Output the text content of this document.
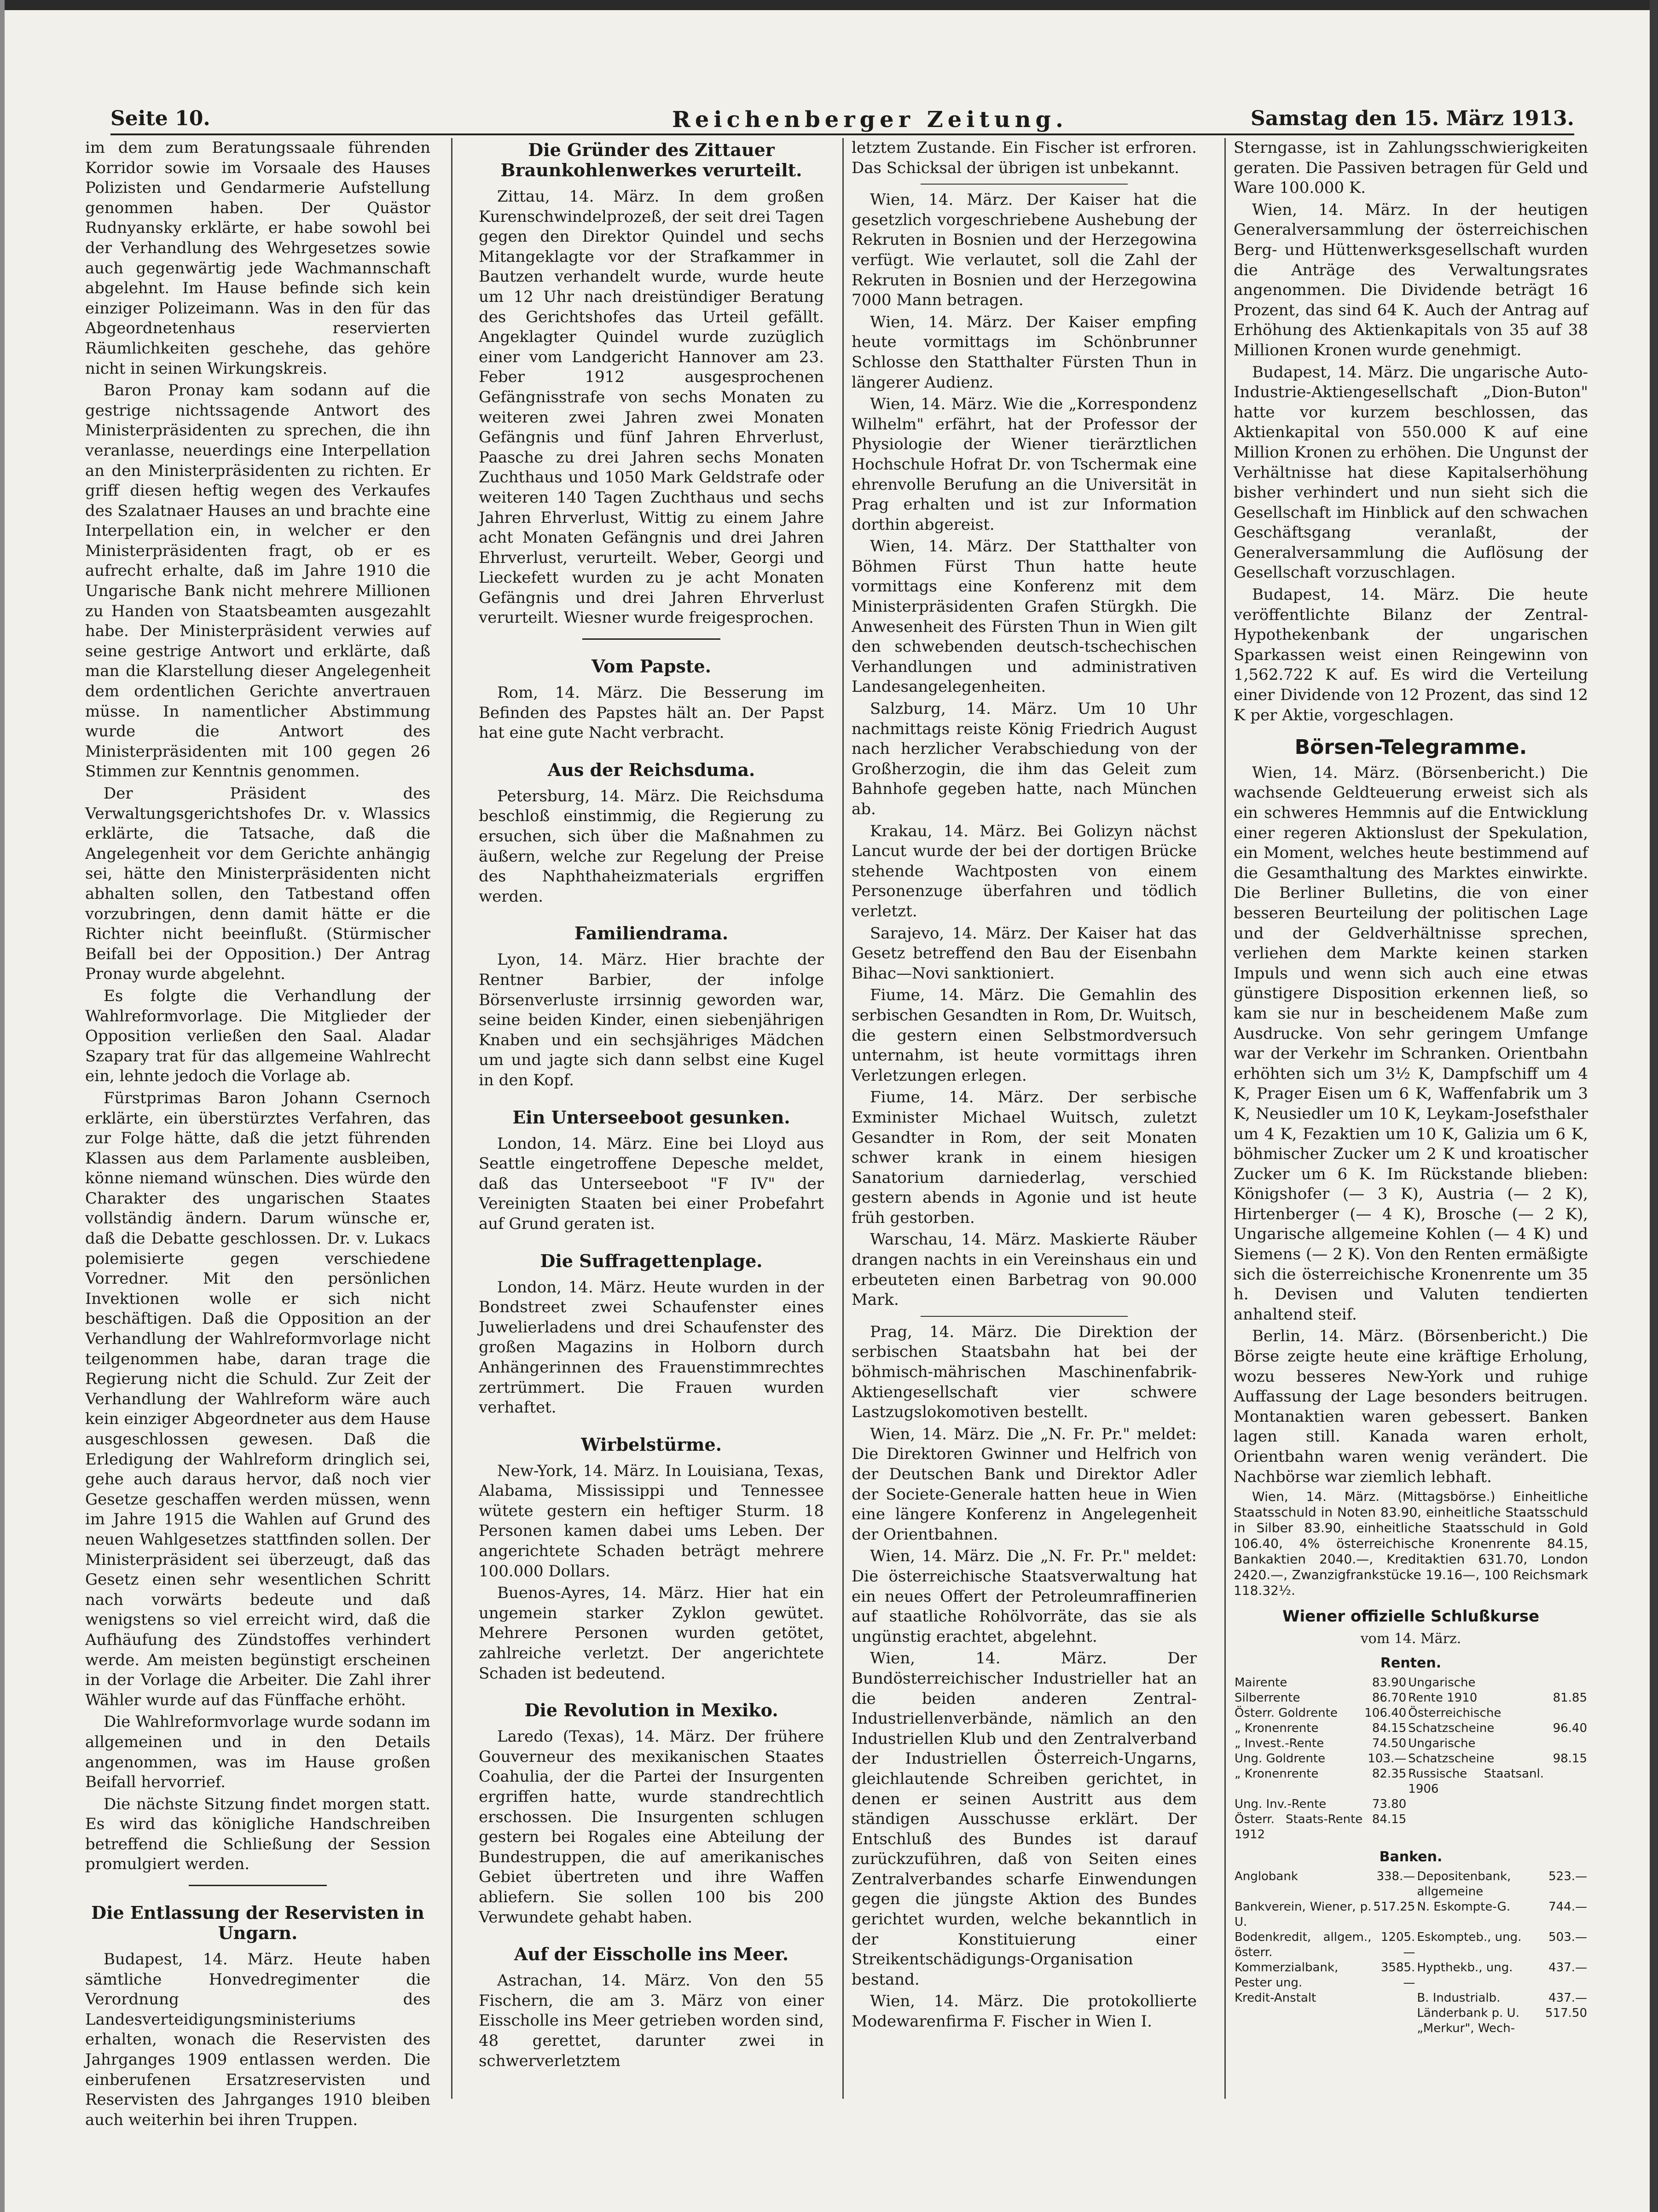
Seite 10.	Reichenberger Zeitung.	Samstag den 15. März 1913.

im dem zum Beratungssaale führenden Korridor sowie im Vorsaale des Hauses Polizisten und Gendarmerie Aufstellung genommen haben. Der Quästor Rudnyansky erklärte, er habe sowohl bei der Verhandlung des Wehrgesetzes sowie auch gegenwärtig jede Wachmannschaft abgelehnt. Im Hause befinde sich kein einziger Polizeimann. Was in den für das Abgeordnetenhaus reservierten Räumlichkeiten geschehe, das gehöre nicht in seinen Wirkungskreis.

Baron Pronay kam sodann auf die gestrige nichtssagende Antwort des Ministerpräsidenten zu sprechen, die ihn veranlasse, neuerdings eine Interpellation an den Ministerpräsidenten zu richten. Er griff diesen heftig wegen des Verkaufes des Szalatnaer Hauses an und brachte eine Interpellation ein, in welcher er den Ministerpräsidenten fragt, ob er es aufrecht erhalte, daß im Jahre 1910 die Ungarische Bank nicht mehrere Millionen zu Handen von Staatsbeamten ausgezahlt habe. Der Ministerpräsident verwies auf seine gestrige Antwort und erklärte, daß man die Klarstellung dieser Angelegenheit dem ordentlichen Gerichte anvertrauen müsse. In namentlicher Abstimmung wurde die Antwort des Ministerpräsidenten mit 100 gegen 26 Stimmen zur Kenntnis genommen.

Der Präsident des Verwaltungsgerichtshofes Dr. v. Wlassics erklärte, die Tatsache, daß die Angelegenheit vor dem Gerichte anhängig sei, hätte den Ministerpräsidenten nicht abhalten sollen, den Tatbestand offen vorzubringen, denn damit hätte er die Richter nicht beeinflußt. (Stürmischer Beifall bei der Opposition.) Der Antrag Pronay wurde abgelehnt.

Es folgte die Verhandlung der Wahlreformvorlage. Die Mitglieder der Opposition verließen den Saal. Aladar Szapary trat für das allgemeine Wahlrecht ein, lehnte jedoch die Vorlage ab.

Fürstprimas Baron Johann Csernoch erklärte, ein überstürztes Verfahren, das zur Folge hätte, daß die jetzt führenden Klassen aus dem Parlamente ausbleiben, könne niemand wünschen. Dies würde den Charakter des ungarischen Staates vollständig ändern. Darum wünsche er, daß die Debatte geschlossen. Dr. v. Lukacs polemisierte gegen verschiedene Vorredner. Mit den persönlichen Invektionen wolle er sich nicht beschäftigen. Daß die Opposition an der Verhandlung der Wahlreformvorlage nicht teilgenommen habe, daran trage die Regierung nicht die Schuld. Zur Zeit der Verhandlung der Wahlreform wäre auch kein einziger Abgeordneter aus dem Hause ausgeschlossen gewesen. Daß die Erledigung der Wahlreform dringlich sei, gehe auch daraus hervor, daß noch vier Gesetze geschaffen werden müssen, wenn im Jahre 1915 die Wahlen auf Grund des neuen Wahlgesetzes stattfinden sollen. Der Ministerpräsident sei überzeugt, daß das Gesetz einen sehr wesentlichen Schritt nach vorwärts bedeute und daß wenigstens so viel erreicht wird, daß die Aufhäufung des Zündstoffes verhindert werde. Am meisten begünstigt erscheinen in der Vorlage die Arbeiter. Die Zahl ihrer Wähler wurde auf das Fünffache erhöht.

Die Wahlreformvorlage wurde sodann im allgemeinen und in den Details angenommen, was im Hause großen Beifall hervorrief.

Die nächste Sitzung findet morgen statt. Es wird das königliche Handschreiben betreffend die Schließung der Session promulgiert werden.

Die Entlassung der Reservisten in Ungarn.

Budapest, 14. März. Heute haben sämtliche Honvedregimenter die Verordnung des Landesverteidigungsministeriums erhalten, wonach die Reservisten des Jahrganges 1909 entlassen werden. Die einberufenen Ersatzreservisten und Reservisten des Jahrganges 1910 bleiben auch weiterhin bei ihren Truppen.

Die Gründer des Zittauer Braunkohlenwerkes verurteilt.

Zittau, 14. März. In dem großen Kurenschwindelprozeß, der seit drei Tagen gegen den Direktor Quindel und sechs Mitangeklagte vor der Strafkammer in Bautzen verhandelt wurde, wurde heute um 12 Uhr nach dreistündiger Beratung des Gerichtshofes das Urteil gefällt. Angeklagter Quindel wurde zuzüglich einer vom Landgericht Hannover am 23. Feber 1912 ausgesprochenen Gefängnisstrafe von sechs Monaten zu weiteren zwei Jahren zwei Monaten Gefängnis und fünf Jahren Ehrverlust, Paasche zu drei Jahren sechs Monaten Zuchthaus und 1050 Mark Geldstrafe oder weiteren 140 Tagen Zuchthaus und sechs Jahren Ehrverlust, Wittig zu einem Jahre acht Monaten Gefängnis und drei Jahren Ehrverlust, verurteilt. Weber, Georgi und Lieckefett wurden zu je acht Monaten Gefängnis und drei Jahren Ehrverlust verurteilt. Wiesner wurde freigesprochen.

Vom Papste.

Rom, 14. März. Die Besserung im Befinden des Papstes hält an. Der Papst hat eine gute Nacht verbracht.

Aus der Reichsduma.

Petersburg, 14. März. Die Reichsduma beschloß einstimmig, die Regierung zu ersuchen, sich über die Maßnahmen zu äußern, welche zur Regelung der Preise des Naphthaheizmaterials ergriffen werden.

Familiendrama.

Lyon, 14. März. Hier brachte der Rentner Barbier, der infolge Börsenverluste irrsinnig geworden war, seine beiden Kinder, einen siebenjährigen Knaben und ein sechsjähriges Mädchen um und jagte sich dann selbst eine Kugel in den Kopf.

Ein Unterseeboot gesunken.

London, 14. März. Eine bei Lloyd aus Seattle eingetroffene Depesche meldet, daß das Unterseeboot "F IV" der Vereinigten Staaten bei einer Probefahrt auf Grund geraten ist.

Die Suffragettenplage.

London, 14. März. Heute wurden in der Bondstreet zwei Schaufenster eines Juwelierladens und drei Schaufenster des großen Magazins in Holborn durch Anhängerinnen des Frauenstimmrechtes zertrümmert. Die Frauen wurden verhaftet.

Wirbelstürme.

New-York, 14. März. In Louisiana, Texas, Alabama, Mississippi und Tennessee wütete gestern ein heftiger Sturm. 18 Personen kamen dabei ums Leben. Der angerichtete Schaden beträgt mehrere 100.000 Dollars.

Buenos-Ayres, 14. März. Hier hat ein ungemein starker Zyklon gewütet. Mehrere Personen wurden getötet, zahlreiche verletzt. Der angerichtete Schaden ist bedeutend.

Die Revolution in Mexiko.

Laredo (Texas), 14. März. Der frühere Gouverneur des mexikanischen Staates Coahulia, der die Partei der Insurgenten ergriffen hatte, wurde standrechtlich erschossen. Die Insurgenten schlugen gestern bei Rogales eine Abteilung der Bundestruppen, die auf amerikanisches Gebiet übertreten und ihre Waffen abliefern. Sie sollen 100 bis 200 Verwundete gehabt haben.

Auf der Eisscholle ins Meer.

Astrachan, 14. März. Von den 55 Fischern, die am 3. März von einer Eisscholle ins Meer getrieben worden sind, 48 gerettet, darunter zwei in schwerverletztem

letztem Zustande. Ein Fischer ist erfroren. Das Schicksal der übrigen ist unbekannt.

Wien, 14. März. Der Kaiser hat die gesetzlich vorgeschriebene Aushebung der Rekruten in Bosnien und der Herzegowina verfügt. Wie verlautet, soll die Zahl der Rekruten in Bosnien und der Herzegowina 7000 Mann betragen.

Wien, 14. März. Der Kaiser empfing heute vormittags im Schönbrunner Schlosse den Statthalter Fürsten Thun in längerer Audienz.

Wien, 14. März. Wie die „Korrespondenz Wilhelm" erfährt, hat der Professor der Physiologie der Wiener tierärztlichen Hochschule Hofrat Dr. von Tschermak eine ehrenvolle Berufung an die Universität in Prag erhalten und ist zur Information dorthin abgereist.

Wien, 14. März. Der Statthalter von Böhmen Fürst Thun hatte heute vormittags eine Konferenz mit dem Ministerpräsidenten Grafen Stürgkh. Die Anwesenheit des Fürsten Thun in Wien gilt den schwebenden deutsch-tschechischen Verhandlungen und administrativen Landesangelegenheiten.

Salzburg, 14. März. Um 10 Uhr nachmittags reiste König Friedrich August nach herzlicher Verabschiedung von der Großherzogin, die ihm das Geleit zum Bahnhofe gegeben hatte, nach München ab.

Krakau, 14. März. Bei Golizyn nächst Lancut wurde der bei der dortigen Brücke stehende Wachtposten von einem Personenzuge überfahren und tödlich verletzt.

Sarajevo, 14. März. Der Kaiser hat das Gesetz betreffend den Bau der Eisenbahn Bihac—Novi sanktioniert.

Fiume, 14. März. Die Gemahlin des serbischen Gesandten in Rom, Dr. Wuitsch, die gestern einen Selbstmordversuch unternahm, ist heute vormittags ihren Verletzungen erlegen.

Fiume, 14. März. Der serbische Exminister Michael Wuitsch, zuletzt Gesandter in Rom, der seit Monaten schwer krank in einem hiesigen Sanatorium darniederlag, verschied gestern abends in Agonie und ist heute früh gestorben.

Warschau, 14. März. Maskierte Räuber drangen nachts in ein Vereinshaus ein und erbeuteten einen Barbetrag von 90.000 Mark.

Prag, 14. März. Die Direktion der serbischen Staatsbahn hat bei der böhmisch-mährischen Maschinenfabrik-Aktiengesellschaft vier schwere Lastzugslokomotiven bestellt.

Wien, 14. März. Die „N. Fr. Pr." meldet: Die Direktoren Gwinner und Helfrich von der Deutschen Bank und Direktor Adler der Societe-Generale hatten heue in Wien eine längere Konferenz in Angelegenheit der Orientbahnen.

Wien, 14. März. Die „N. Fr. Pr." meldet: Die österreichische Staatsverwaltung hat ein neues Offert der Petroleumraffinerien auf staatliche Rohölvorräte, das sie als ungünstig erachtet, abgelehnt.

Wien, 14. März. Der Bundösterreichischer Industrieller hat an die beiden anderen Zentral-Industriellenverbände, nämlich an den Industriellen Klub und den Zentralverband der Industriellen Österreich-Ungarns, gleichlautende Schreiben gerichtet, in denen er seinen Austritt aus dem ständigen Ausschusse erklärt. Der Entschluß des Bundes ist darauf zurückzuführen, daß von Seiten eines Zentralverbandes scharfe Einwendungen gegen die jüngste Aktion des Bundes gerichtet wurden, welche bekanntlich in der Konstituierung einer Streikentschädigungs-Organisation bestand.

Wien, 14. März. Die protokollierte Modewarenfirma F. Fischer in Wien I.

Sterngasse, ist in Zahlungsschwierigkeiten geraten. Die Passiven betragen für Geld und Ware 100.000 K.

Wien, 14. März. In der heutigen Generalversammlung der österreichischen Berg- und Hüttenwerksgesellschaft wurden die Anträge des Verwaltungsrates angenommen. Die Dividende beträgt 16 Prozent, das sind 64 K. Auch der Antrag auf Erhöhung des Aktienkapitals von 35 auf 38 Millionen Kronen wurde genehmigt.

Budapest, 14. März. Die ungarische Auto-Industrie-Aktiengesellschaft „Dion-Buton" hatte vor kurzem beschlossen, das Aktienkapital von 550.000 K auf eine Million Kronen zu erhöhen. Die Ungunst der Verhältnisse hat diese Kapitalserhöhung bisher verhindert und nun sieht sich die Gesellschaft im Hinblick auf den schwachen Geschäftsgang veranlaßt, der Generalversammlung die Auflösung der Gesellschaft vorzuschlagen.

Budapest, 14. März. Die heute veröffentlichte Bilanz der Zentral-Hypothekenbank der ungarischen Sparkassen weist einen Reingewinn von 1,562.722 K auf. Es wird die Verteilung einer Dividende von 12 Prozent, das sind 12 K per Aktie, vorgeschlagen.

Börsen-Telegramme.

Wien, 14. März. (Börsenbericht.) Die wachsende Geldteuerung erweist sich als ein schweres Hemmnis auf die Entwicklung einer regeren Aktionslust der Spekulation, ein Moment, welches heute bestimmend auf die Gesamthaltung des Marktes einwirkte. Die Berliner Bulletins, die von einer besseren Beurteilung der politischen Lage und der Geldverhältnisse sprechen, verliehen dem Markte keinen starken Impuls und wenn sich auch eine etwas günstigere Disposition erkennen ließ, so kam sie nur in bescheidenem Maße zum Ausdrucke. Von sehr geringem Umfange war der Verkehr im Schranken. Orientbahn erhöhten sich um 3½ K, Dampfschiff um 4 K, Prager Eisen um 6 K, Waffenfabrik um 3 K, Neusiedler um 10 K, Leykam-Josefsthaler um 4 K, Fezaktien um 10 K, Galizia um 6 K, böhmischer Zucker um 2 K und kroatischer Zucker um 6 K. Im Rückstande blieben: Königshofer (— 3 K), Austria (— 2 K), Hirtenberger (— 4 K), Brosche (— 2 K), Ungarische allgemeine Kohlen (— 4 K) und Siemens (— 2 K). Von den Renten ermäßigte sich die österreichische Kronenrente um 35 h. Devisen und Valuten tendierten anhaltend steif.

Berlin, 14. März. (Börsenbericht.) Die Börse zeigte heute eine kräftige Erholung, wozu besseres New-York und ruhige Auffassung der Lage besonders beitrugen. Montanaktien waren gebessert. Banken lagen still. Kanada waren erholt, Orientbahn waren wenig verändert. Die Nachbörse war ziemlich lebhaft.

Wien, 14. März. (Mittagsbörse.) Einheitliche Staatsschuld in Noten 83.90, einheitliche Staatsschuld in Silber 83.90, einheitliche Staatsschuld in Gold 106.40, 4% österreichische Kronenrente 84.15, Bankaktien 2040.—, Kreditaktien 631.70, London 2420.—, Zwanzigfrankstücke 19.16—, 100 Reichsmark 118.32½.

Wiener offizielle Schlußkurse
vom 14. März.
Renten.
Mairente	83.90	Ungarische	
Silberrente	86.70	Rente 1910	81.85
Österr. Goldrente	106.40	Österreichische	
„ Kronenrente	84.15	Schatzscheine	96.40
„ Invest.-Rente	74.50	Ungarische	
Ung. Goldrente	103.—	Schatzscheine	98.15
„ Kronenrente	82.35	Russische Staatsanl. 1906	
Ung. Inv.-Rente	73.80		
Österr. Staats-Rente 1912	84.15		
Banken.
Anglobank	338.—	Depositenbank, allgemeine	523.—
Bankverein, Wiener, p. U.	517.25	N. Eskompte-G.	744.—
Bodenkredit, allgem., österr.	1205.—	Eskompteb., ung.	503.—
Kommerzialbank, Pester ung.	3585.—	Hypthekb., ung.	437.—
Kredit-Anstalt		B. Industrialb.	437.—
		Länderbank p. U.	517.50
		„Merkur", Wech-	
